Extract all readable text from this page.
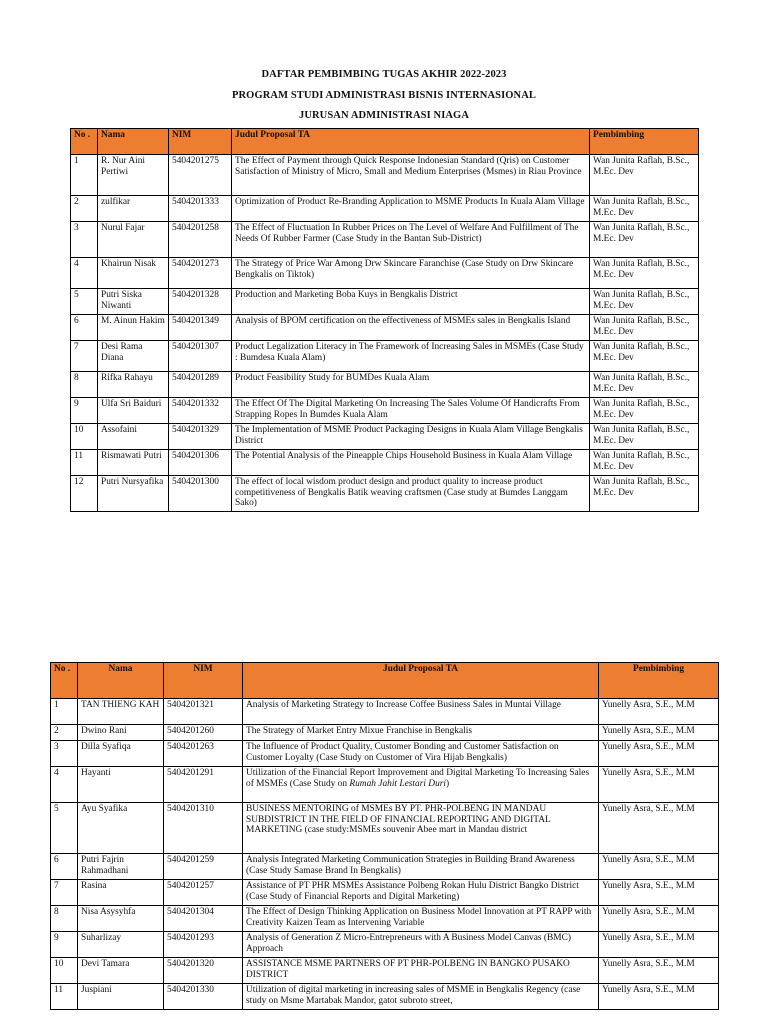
DAFTAR PEMBIMBING TUGAS AKHIR 2022-2023
PROGRAM STUDI ADMINISTRASI BISNIS INTERNASIONAL
JURUSAN ADMINISTRASI NIAGA
No .	Nama	NIM	Judul Proposal TA	Pembimbing
1	R. Nur Aini Pertiwi	5404201275	The Effect of Payment through Quick Response Indonesian Standard (Qris) on Customer Satisfaction of Ministry of Micro, Small and Medium Enterprises (Msmes) in Riau Province	Wan Junita Raflah, B.Sc., M.Ec. Dev
2	zulfikar	5404201333	Optimization of Product Re-Branding Application to MSME Products In Kuala Alam Village	Wan Junita Raflah, B.Sc., M.Ec. Dev
3	Nurul Fajar	5404201258	The Effect of Fluctuation In Rubber Prices on The Level of Welfare And Fulfillment of The Needs Of Rubber Farmer (Case Study in the Bantan Sub-District)	Wan Junita Raflah, B.Sc., M.Ec. Dev
4	Khairun Nisak	5404201273	The Strategy of Price War Among Drw Skincare Faranchise (Case Study on Drw Skincare Bengkalis on Tiktok)	Wan Junita Raflah, B.Sc., M.Ec. Dev
5	Putri Siska Niwanti	5404201328	Production and Marketing Boba Kuys in Bengkalis District	Wan Junita Raflah, B.Sc., M.Ec. Dev
6	M. Ainun Hakim	5404201349	Analysis of BPOM certification on the effectiveness of MSMEs sales in Bengkalis Island	Wan Junita Raflah, B.Sc., M.Ec. Dev
7	Desi Rama Diana	5404201307	Product Legalization Literacy in The Framework of Increasing Sales in MSMEs (Case Study : Bumdesa Kuala Alam)	Wan Junita Raflah, B.Sc., M.Ec. Dev
8	Rifka Rahayu	5404201289	Product Feasibility Study for BUMDes Kuala Alam	Wan Junita Raflah, B.Sc., M.Ec. Dev
9	Ulfa Sri Baiduri	5404201332	The Effect Of The Digital Marketing On Increasing The Sales Volume Of Handicrafts From Strapping Ropes In Bumdes Kuala Alam	Wan Junita Raflah, B.Sc., M.Ec. Dev
10	Assofaini	5404201329	The Implementation of MSME Product Packaging Designs in Kuala Alam Village Bengkalis District	Wan Junita Raflah, B.Sc., M.Ec. Dev
11	Rismawati Putri	5404201306	The Potential Analysis of the Pineapple Chips Household Business in Kuala Alam Village	Wan Junita Raflah, B.Sc., M.Ec. Dev
12	Putri Nursyafika	5404201300	The effect of local wisdom product design and product quality to increase product competitiveness of Bengkalis Batik weaving craftsmen (Case study at Bumdes Langgam Sako)	Wan Junita Raflah, B.Sc., M.Ec. Dev
No .	Nama	NIM	Judul Proposal TA	Pembimbing
1	TAN THIENG KAH	5404201321	Analysis of Marketing Strategy to Increase Coffee Business Sales in Muntai Village	Yunelly Asra, S.E., M.M
2	Dwino Rani	5404201260	The Strategy of Market Entry Mixue Franchise in Bengkalis	Yunelly Asra, S.E., M.M
3	Dilla Syafiqa	5404201263	The Influence of Product Quality, Customer Bonding and Customer Satisfaction on Customer Loyalty (Case Study on Customer of Vira Hijab Bengkalis)	Yunelly Asra, S.E., M.M
4	Hayanti	5404201291	Utilization of the Financial Report Improvement and Digital Marketing To Increasing Sales of MSMEs (Case Study on Rumah Jahit Lestari Duri)	Yunelly Asra, S.E., M.M
5	Ayu Syafika	5404201310	BUSINESS MENTORING of MSMEs BY PT. PHR-POLBENG IN MANDAU SUBDISTRICT IN THE FIELD OF FINANCIAL REPORTING AND DIGITAL MARKETING (case study:MSMEs souvenir Abee mart in Mandau district	Yunelly Asra, S.E., M.M
6	Putri Fajrin Rahmadhani	5404201259	Analysis Integrated Marketing Communication Strategies in Building Brand Awareness (Case Study Samase Brand In Bengkalis)	Yunelly Asra, S.E., M.M
7	Rasina	5404201257	Assistance of PT PHR MSMEs Assistance Polbeng Rokan Hulu District Bangko District (Case Study of Financial Reports and Digital Marketing)	Yunelly Asra, S.E., M.M
8	Nisa Asysyhfa	5404201304	The Effect of Design Thinking Application on Business Model Innovation at PT RAPP with Creativity Kaizen Team as Intervening Variable	Yunelly Asra, S.E., M.M
9	Suharlizay	5404201293	Analysis of Generation Z Micro-Entrepreneurs with A Business Model Canvas (BMC) Approach	Yunelly Asra, S.E., M.M
10	Devi Tamara	5404201320	ASSISTANCE MSME PARTNERS OF PT PHR-POLBENG IN BANGKO PUSAKO DISTRICT	Yunelly Asra, S.E., M.M
11	Juspiani	5404201330	Utilization of digital marketing in increasing sales of MSME in Bengkalis Regency (case study on Msme Martabak Mandor, gatot subroto street,	Yunelly Asra, S.E., M.M
